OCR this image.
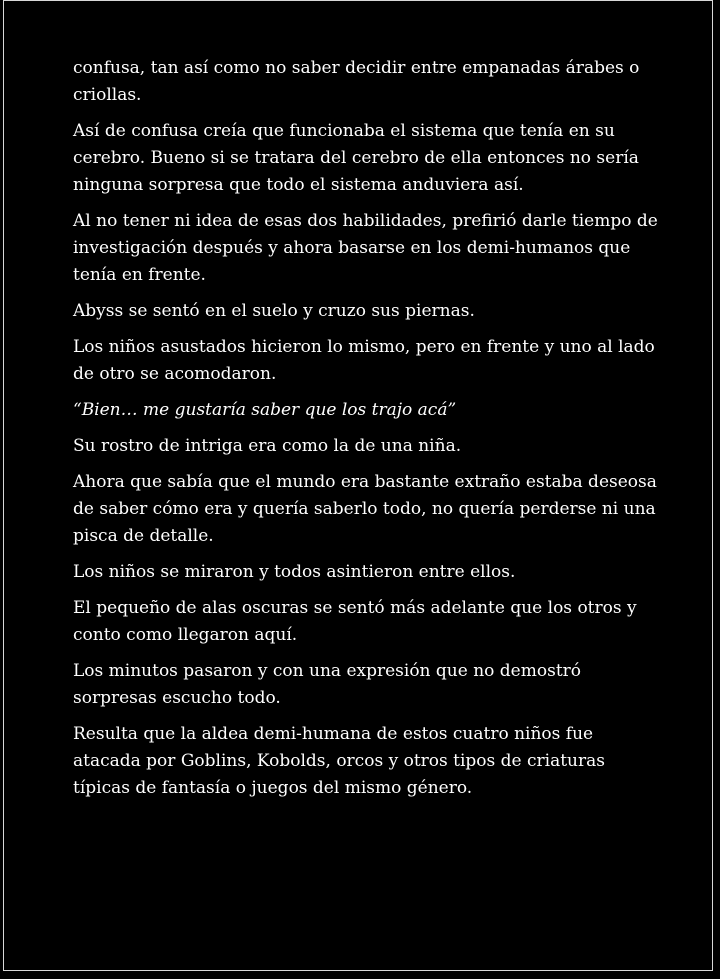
confusa, tan así como no saber decidir entre empanadas árabes o criollas.

Así de confusa creía que funcionaba el sistema que tenía en su cerebro. Bueno si se tratara del cerebro de ella entonces no sería ninguna sorpresa que todo el sistema anduviera así.

Al no tener ni idea de esas dos habilidades, prefirió darle tiempo de investigación después y ahora basarse en los demi-humanos que tenía en frente.

Abyss se sentó en el suelo y cruzo sus piernas.

Los niños asustados hicieron lo mismo, pero en frente y uno al lado de otro se acomodaron.

“Bien… me gustaría saber que los trajo acá”

Su rostro de intriga era como la de una niña.

Ahora que sabía que el mundo era bastante extraño estaba deseosa de saber cómo era y quería saberlo todo, no quería perderse ni una pisca de detalle.

Los niños se miraron y todos asintieron entre ellos.

El pequeño de alas oscuras se sentó más adelante que los otros y conto como llegaron aquí.

Los minutos pasaron y con una expresión que no demostró sorpresas escucho todo.

Resulta que la aldea demi-humana de estos cuatro niños fue atacada por Goblins, Kobolds, orcos y otros tipos de criaturas típicas de fantasía o juegos del mismo género.
